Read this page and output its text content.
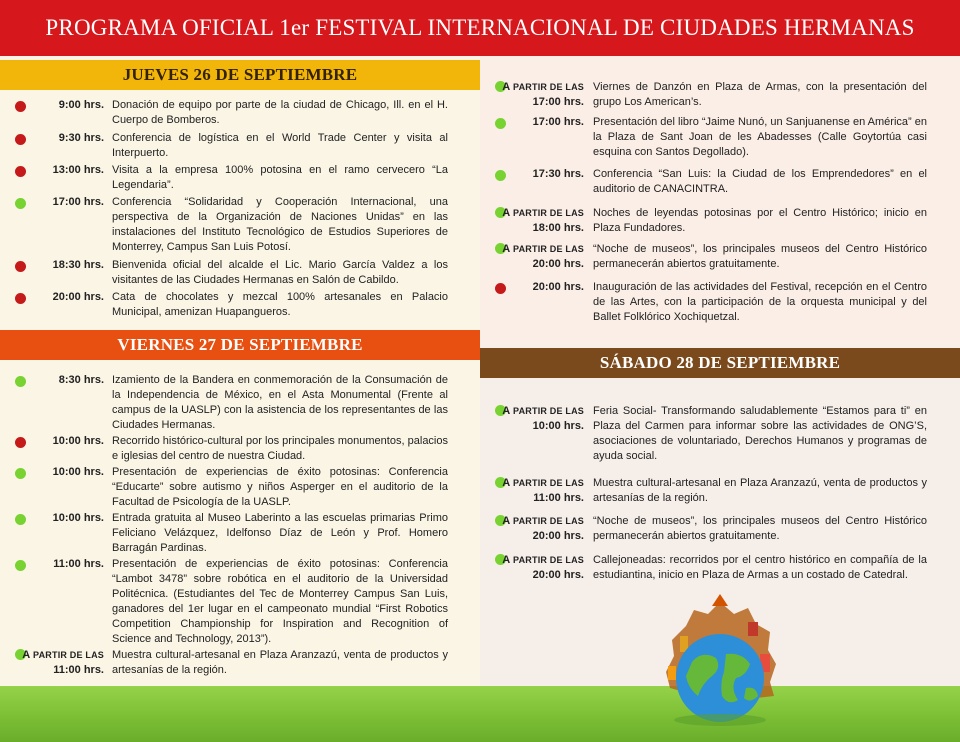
PROGRAMA OFICIAL 1er FESTIVAL INTERNACIONAL DE CIUDADES HERMANAS
JUEVES 26 DE SEPTIEMBRE
VIERNES 27 DE SEPTIEMBRE
SÁBADO 28 DE SEPTIEMBRE
9:00 hrs. Donación de equipo por parte de la ciudad de Chicago, Ill. en el H. Cuerpo de Bomberos.
9:30 hrs. Conferencia de logística en el World Trade Center y visita al Interpuerto.
13:00 hrs. Visita a la empresa 100% potosina en el ramo cervecero “La Legendaria”.
17:00 hrs. Conferencia “Solidaridad y Cooperación Internacional, una perspectiva de la Organización de Naciones Unidas” en las instalaciones del Instituto Tecnológico de Estudios Superiores de Monterrey, Campus San Luis Potosí.
18:30 hrs. Bienvenida oficial del alcalde el Lic. Mario García Valdez a los visitantes de las Ciudades Hermanas en Salón de Cabildo.
20:00 hrs. Cata de chocolates y mezcal 100% artesanales en Palacio Municipal, amenizan Huapangueros.
8:30 hrs. Izamiento de la Bandera en conmemoración de la Consumación de la Independencia de México, en el Asta Monumental (Frente al campus de la UASLP) con la asistencia de los representantes de las Ciudades Hermanas.
10:00 hrs. Recorrido histórico-cultural por los principales monumentos, palacios e iglesias del centro de nuestra Ciudad.
10:00 hrs. Presentación de experiencias de éxito potosinas: Conferencia “Educarte” sobre autismo y niños Asperger en el auditorio de la Facultad de Psicología de la UASLP.
10:00 hrs. Entrada gratuita al Museo Laberinto a las escuelas primarias Primo Feliciano Velázquez, Idelfonso Díaz de León y Prof. Homero Barragán Pardinas.
11:00 hrs. Presentación de experiencias de éxito potosinas: Conferencia “Lambot 3478” sobre robótica en el auditorio de la Universidad Politécnica. (Estudiantes del Tec de Monterrey Campus San Luis, ganadores del 1er lugar en el campeonato mundial “First Robotics Competition Championship for Inspiration and Recognition of Science and Technology, 2013”).
A PARTIR DE LAS
11:00 hrs.
Muestra cultural-artesanal en Plaza Aranzazú, venta de productos y artesanías de la región.
A PARTIR DE LAS
17:00 hrs.
Viernes de Danzón en Plaza de Armas, con la presentación del grupo Los American’s.
17:00 hrs. Presentación del libro “Jaime Nunó, un Sanjuanense en América” en la Plaza de Sant Joan de les Abadesses (Calle Goytortúa casi esquina con Santos Degollado).
17:30 hrs. Conferencia “San Luis: la Ciudad de los Emprendedores” en el auditorio de CANACINTRA.
A PARTIR DE LAS
18:00 hrs.
Noches de leyendas potosinas por el Centro Histórico; inicio en Plaza Fundadores.
A PARTIR DE LAS
20:00 hrs.
“Noche de museos”, los principales museos del Centro Histórico permanecerán abiertos gratuitamente.
20:00 hrs. Inauguración de las actividades del Festival, recepción en el Centro de las Artes, con la participación de la orquesta municipal y del Ballet Folklórico Xochiquetzal.
A PARTIR DE LAS
10:00 hrs.
Feria Social- Transformando saludablemente “Estamos para ti” en Plaza del Carmen para informar sobre las actividades de ONG’S, asociaciones de voluntariado, Derechos Humanos y programas de ayuda social.
A PARTIR DE LAS
11:00 hrs.
Muestra cultural-artesanal en Plaza Aranzazú, venta de productos y artesanías de la región.
A PARTIR DE LAS
20:00 hrs.
“Noche de museos”, los principales museos del Centro Histórico permanecerán abiertos gratuitamente.
A PARTIR DE LAS
20:00 hrs.
Callejoneadas: recorridos por el centro histórico en compañía de la estudiantina, inicio en Plaza de Armas a un costado de Catedral.
